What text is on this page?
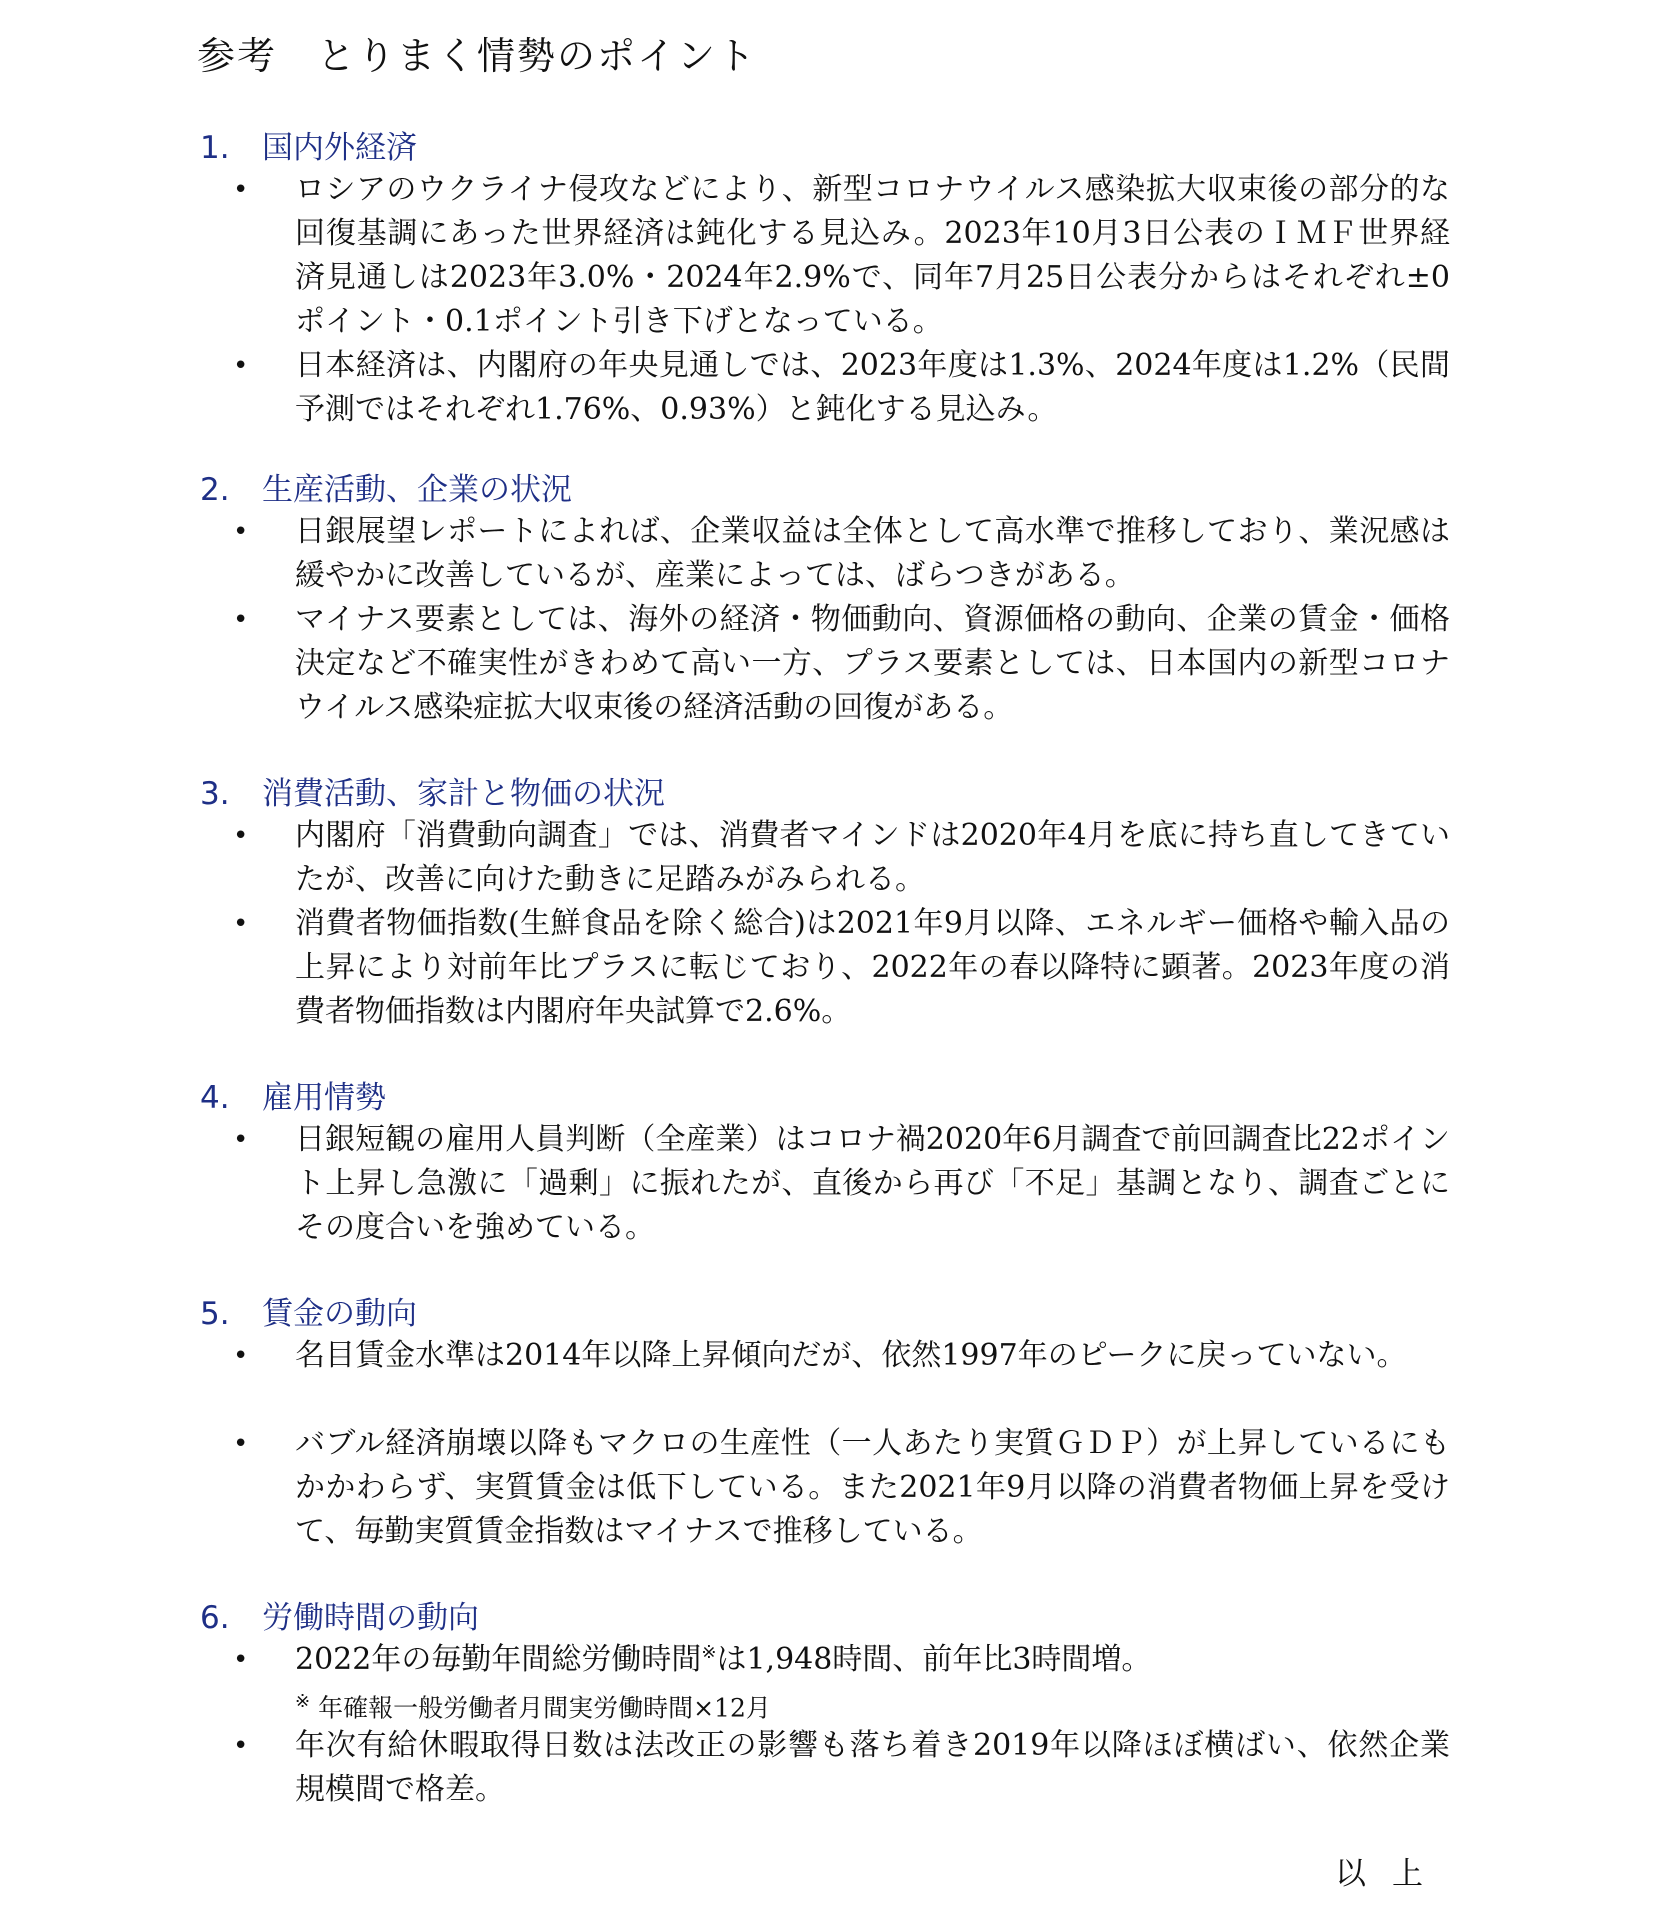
参考　とりまく情勢のポイント
1. 国内外経済
• ロシアのウクライナ侵攻などにより、新型コロナウイルス感染拡大収束後の部分的な回復基調にあった世界経済は鈍化する見込み。2023年10月3日公表のＩＭＦ世界経済見通しは2023年3.0%・2024年2.9%で、同年7月25日公表分からはそれぞれ±0ポイント・0.1ポイント引き下げとなっている。
• 日本経済は、内閣府の年央見通しでは、2023年度は1.3%、2024年度は1.2%（民間予測ではそれぞれ1.76%、0.93%）と鈍化する見込み。
2. 生産活動、企業の状況
• 日銀展望レポートによれば、企業収益は全体として高水準で推移しており、業況感は緩やかに改善しているが、産業によっては、ばらつきがある。
• マイナス要素としては、海外の経済・物価動向、資源価格の動向、企業の賃金・価格決定など不確実性がきわめて高い一方、プラス要素としては、日本国内の新型コロナウイルス感染症拡大収束後の経済活動の回復がある。
3. 消費活動、家計と物価の状況
• 内閣府「消費動向調査」では、消費者マインドは2020年4月を底に持ち直してきていたが、改善に向けた動きに足踏みがみられる。
• 消費者物価指数(生鮮食品を除く総合)は2021年9月以降、エネルギー価格や輸入品の上昇により対前年比プラスに転じており、2022年の春以降特に顕著。2023年度の消費者物価指数は内閣府年央試算で2.6%。
4. 雇用情勢
• 日銀短観の雇用人員判断（全産業）はコロナ禍2020年6月調査で前回調査比22ポイント上昇し急激に「過剰」に振れたが、直後から再び「不足」基調となり、調査ごとにその度合いを強めている。
5. 賃金の動向
• 名目賃金水準は2014年以降上昇傾向だが、依然1997年のピークに戻っていない。
• バブル経済崩壊以降もマクロの生産性（一人あたり実質ＧＤＰ）が上昇しているにもかかわらず、実質賃金は低下している。また2021年9月以降の消費者物価上昇を受けて、毎勤実質賃金指数はマイナスで推移している。
6. 労働時間の動向
• 2022年の毎勤年間総労働時間※は1,948時間、前年比3時間増。
※ 年確報一般労働者月間実労働時間×12月
• 年次有給休暇取得日数は法改正の影響も落ち着き2019年以降ほぼ横ばい、依然企業規模間で格差。
以上
